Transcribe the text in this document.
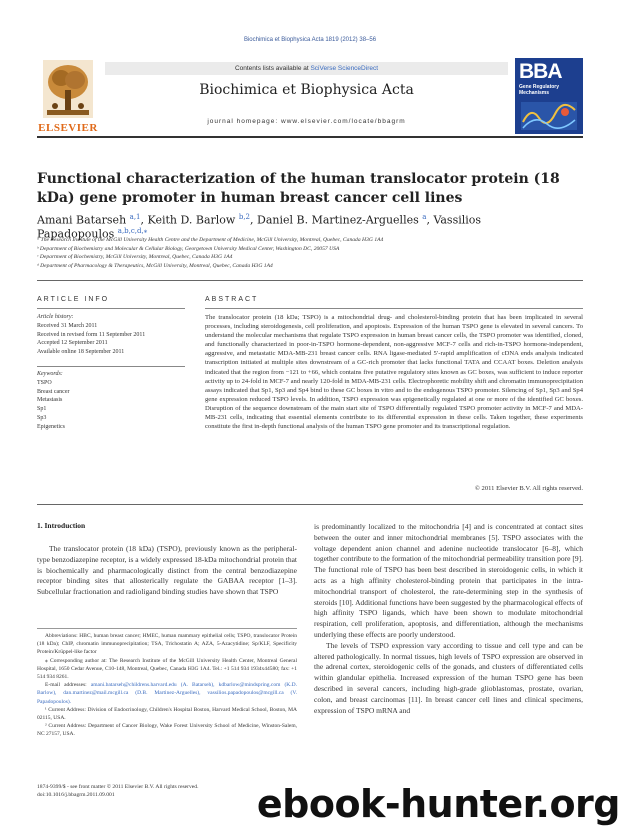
Biochimica et Biophysica Acta 1819 (2012) 38–56
ELSEVIER
Contents lists available at SciVerse ScienceDirect
Biochimica et Biophysica Acta
journal homepage: www.elsevier.com/locate/bbagrm
BBA
Gene Regulatory Mechanisms
Functional characterization of the human translocator protein (18 kDa) gene promoter in human breast cancer cell lines
Amani Batarseh $^{a,1}$, Keith D. Barlow $^{b,2}$, Daniel B. Martinez-Arguelles $^a$, Vassilios Papadopoulos $^{a,b,c,d,⁎}$
ᵃ The Research Institute of the McGill University Health Centre and the Department of Medicine, McGill University, Montreal, Quebec, Canada H3G 1A4
ᵇ Department of Biochemistry and Molecular & Cellular Biology, Georgetown University Medical Center, Washington DC, 20057 USA
ᶜ Department of Biochemistry, McGill University, Montreal, Quebec, Canada H3G 1A4
ᵈ Department of Pharmacology & Therapeutics, McGill University, Montreal, Quebec, Canada H3G 1A4
ARTICLE INFO
Article history:
Received 31 March 2011
Received in revised form 11 September 2011
Accepted 12 September 2011
Available online 18 September 2011
Keywords:
TSPO
Breast cancer
Metastasis
Sp1
Sp3
Epigenetics
ABSTRACT

The translocator protein (18 kDa; TSPO) is a mitochondrial drug- and cholesterol-binding protein that has been implicated in several processes, including steroidogenesis, cell proliferation, and apoptosis. Expression of the human TSPO gene is elevated in several cancers. To understand the molecular mechanisms that regulate TSPO expression in human breast cancer cells, the TSPO promoter was identified, cloned, and functionally characterized in poor-in-TSPO hormone-dependent, non-aggressive MCF-7 cells and rich-in-TSPO hormone-independent, aggressive, and metastatic MDA-MB-231 breast cancer cells. RNA ligase-mediated 5′-rapid amplification of cDNA ends analysis indicated transcription initiated at multiple sites downstream of a GC-rich promoter that lacks functional TATA and CCAAT boxes. Deletion analysis indicated that the region from −121 to +66, which contains five putative regulatory sites known as GC boxes, was sufficient to induce reporter activity up to 24-fold in MCF-7 and nearly 120-fold in MDA-MB-231 cells. Electrophoretic mobility shift and chromatin immunoprecipitation assays indicated that Sp1, Sp3 and Sp4 bind to these GC boxes in vitro and to the endogenous TSPO promoter. Silencing of Sp1, Sp3 and Sp4 gene expression reduced TSPO levels. In addition, TSPO expression was epigenetically regulated at one or more of the identified GC boxes. Disruption of the sequence downstream of the main start site of TSPO differentially regulated TSPO promoter activity in MCF-7 and MDA-MB-231 cells, indicating that essential elements contribute to its differential expression in these cells. Taken together, these experiments constitute the first in-depth functional analysis of the human TSPO gene promoter and its transcriptional regulation.

© 2011 Elsevier B.V. All rights reserved.
1. Introduction

The translocator protein (18 kDa) (TSPO), previously known as the peripheral-type benzodiazepine receptor, is a widely expressed 18-kDa mitochondrial protein that is biochemically and pharmacologically distinct from the central benzodiazepine receptor binding sites that allosterically regulate the GABAA receptor [1–3]. Subcellular fractionation and radioligand binding studies have shown that TSPO

Abbreviations: HBC, human breast cancer; HMEC, human mammary epithelial cells; TSPO, translocator Protein (18 kDa); ChIP, chromatin immunoprecipitation; TSA, Trichostatin A; AZA, 5-Azacytidine; Sp/KLF, Specificity Protein/Krüppel-like factor
⁎ Corresponding author at: The Research Institute of the McGill University Health Center, Montreal General Hospital, 1650 Cedar Avenue, C10-148, Montreal, Quebec, Canada H3G 1A4. Tel.: +1 514 934 1934x44580; fax: +1 514 934 8261.
E-mail addresses: amani.batarseh@childrens.harvard.edu (A. Batarseh), kdbarlow@mindspring.com (K.D. Barlow), dan.martinez@mail.mcgill.ca (D.B. Martinez-Arguelles), vassilios.papadopoulos@mcgill.ca (V. Papadopoulos).
¹ Current Address: Division of Endocrinology, Children's Hospital Boston, Harvard Medical School, Boston, MA 02115, USA.
² Current Address: Department of Cancer Biology, Wake Forest University School of Medicine, Winston-Salem, NC 27157, USA.

is predominantly localized to the mitochondria [4] and is concentrated at contact sites between the outer and inner mitochondrial membranes [5]. TSPO associates with the voltage dependent anion channel and adenine nucleotide translocator [6–8], which together contribute to the formation of the mitochondrial permeability transition pore [9]. The functional role of TSPO has been best described in steroidogenic cells, in which it acts as a high affinity cholesterol-binding protein that participates in the intra-mitochondrial transport of cholesterol, the rate-determining step in the synthesis of steroids [10]. Additional functions have been suggested by the pharmacological effects of high affinity TSPO ligands, which have been shown to modulate mitochondrial respiration, cell proliferation, apoptosis, and differentiation, although the mechanisms underlying these effects are poorly understood.

The levels of TSPO expression vary according to tissue and cell type and can be altered pathologically. In normal tissues, high levels of TSPO expression are observed in the adrenal cortex, steroidogenic cells of the gonads, and clusters of differentiated cells within glandular epithelia. Increased expression of the human TSPO gene has been described in several cancers, including high-grade glioblastomas, prostate, ovarian, colon, and breast carcinomas [11]. In breast cancer cell lines and clinical specimens, expression of TSPO mRNA and

1874-9399/$ - see front matter © 2011 Elsevier B.V. All rights reserved.
doi:10.1016/j.bbagrm.2011.09.001	ebook-hunter.org
